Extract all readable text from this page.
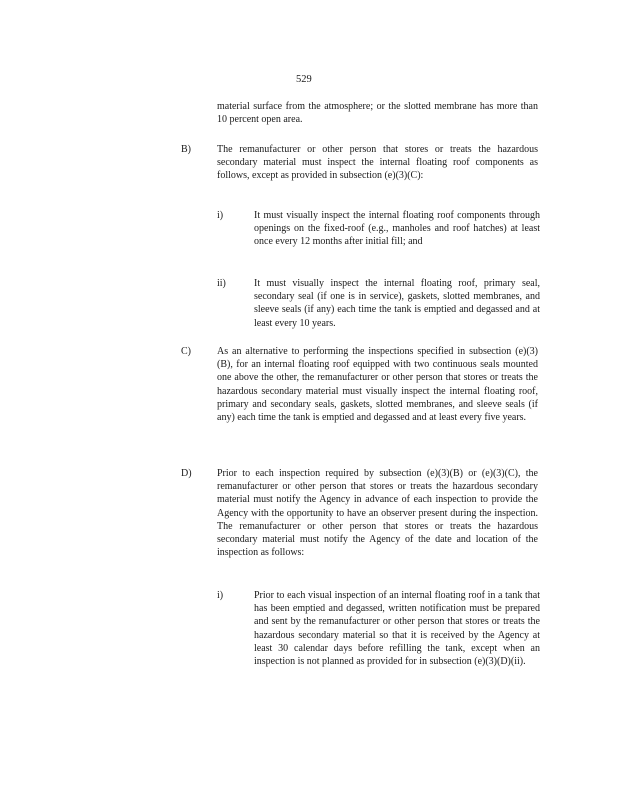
529
material surface from the atmosphere; or the slotted membrane has more than 10 percent open area.
B)	The remanufacturer or other person that stores or treats the hazardous secondary material must inspect the internal floating roof components as follows, except as provided in subsection (e)(3)(C):
i)	It must visually inspect the internal floating roof components through openings on the fixed-roof (e.g., manholes and roof hatches) at least once every 12 months after initial fill; and
ii)	It must visually inspect the internal floating roof, primary seal, secondary seal (if one is in service), gaskets, slotted membranes, and sleeve seals (if any) each time the tank is emptied and degassed and at least every 10 years.
C)	As an alternative to performing the inspections specified in subsection (e)(3)(B), for an internal floating roof equipped with two continuous seals mounted one above the other, the remanufacturer or other person that stores or treats the hazardous secondary material must visually inspect the internal floating roof, primary and secondary seals, gaskets, slotted membranes, and sleeve seals (if any) each time the tank is emptied and degassed and at least every five years.
D)	Prior to each inspection required by subsection (e)(3)(B) or (e)(3)(C), the remanufacturer or other person that stores or treats the hazardous secondary material must notify the Agency in advance of each inspection to provide the Agency with the opportunity to have an observer present during the inspection. The remanufacturer or other person that stores or treats the hazardous secondary material must notify the Agency of the date and location of the inspection as follows:
i)	Prior to each visual inspection of an internal floating roof in a tank that has been emptied and degassed, written notification must be prepared and sent by the remanufacturer or other person that stores or treats the hazardous secondary material so that it is received by the Agency at least 30 calendar days before refilling the tank, except when an inspection is not planned as provided for in subsection (e)(3)(D)(ii).
